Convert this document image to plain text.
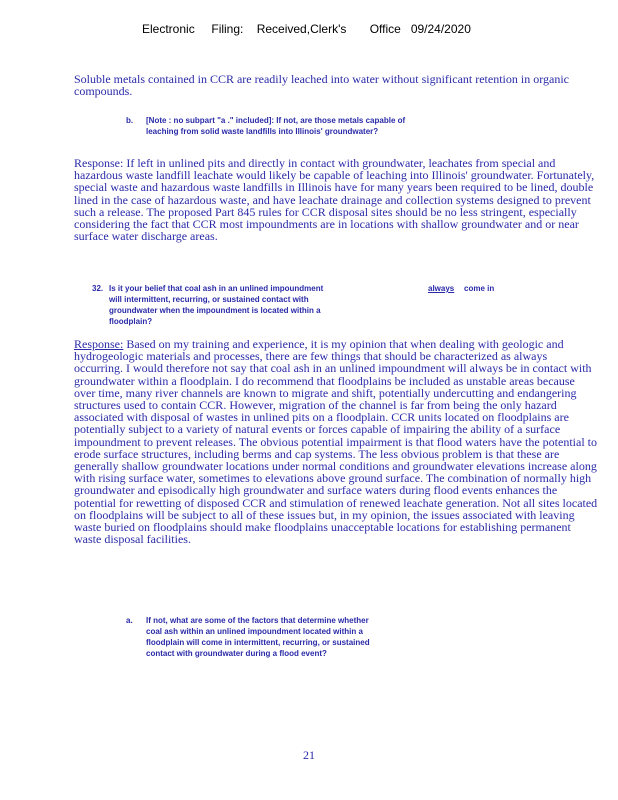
Electronic     Filing:    Received,Clerk's       Office   09/24/2020

Soluble metals contained in CCR are readily leached into water without significant retention in organic compounds.

b. [Note : no subpart "a ." included]: If not, are those metals capable of leaching from solid waste landfills into Illinois' groundwater?

Response: If left in unlined pits and directly in contact with groundwater, leachates from special and hazardous waste landfill leachate would likely be capable of leaching into Illinois' groundwater. Fortunately, special waste and hazardous waste landfills in Illinois have for many years been required to be lined, double lined in the case of hazardous waste, and have leachate drainage and collection systems designed to prevent such a release. The proposed Part 845 rules for CCR disposal sites should be no less stringent, especially considering the fact that CCR most impoundments are in locations with shallow groundwater and or near surface water discharge areas.

32. Is it your belief that coal ash in an unlined impoundment will intermittent, recurring, or sustained contact with groundwater when the impoundment is located within a floodplain?
always come in

Response: Based on my training and experience, it is my opinion that when dealing with geologic and hydrogeologic materials and processes, there are few things that should be characterized as always occurring. I would therefore not say that coal ash in an unlined impoundment will always be in contact with groundwater within a floodplain. I do recommend that floodplains be included as unstable areas because over time, many river channels are known to migrate and shift, potentially undercutting and endangering structures used to contain CCR. However, migration of the channel is far from being the only hazard associated with disposal of wastes in unlined pits on a floodplain. CCR units located on floodplains are potentially subject to a variety of natural events or forces capable of impairing the ability of a surface impoundment to prevent releases. The obvious potential impairment is that flood waters have the potential to erode surface structures, including berms and cap systems. The less obvious problem is that these are generally shallow groundwater locations under normal conditions and groundwater elevations increase along with rising surface water, sometimes to elevations above ground surface. The combination of normally high groundwater and episodically high groundwater and surface waters during flood events enhances the potential for rewetting of disposed CCR and stimulation of renewed leachate generation. Not all sites located on floodplains will be subject to all of these issues but, in my opinion, the issues associated with leaving waste buried on floodplains should make floodplains unacceptable locations for establishing permanent waste disposal facilities.

a. If not, what are some of the factors that determine whether coal ash within an unlined impoundment located within a floodplain will come in intermittent, recurring, or sustained contact with groundwater during a flood event?
21
